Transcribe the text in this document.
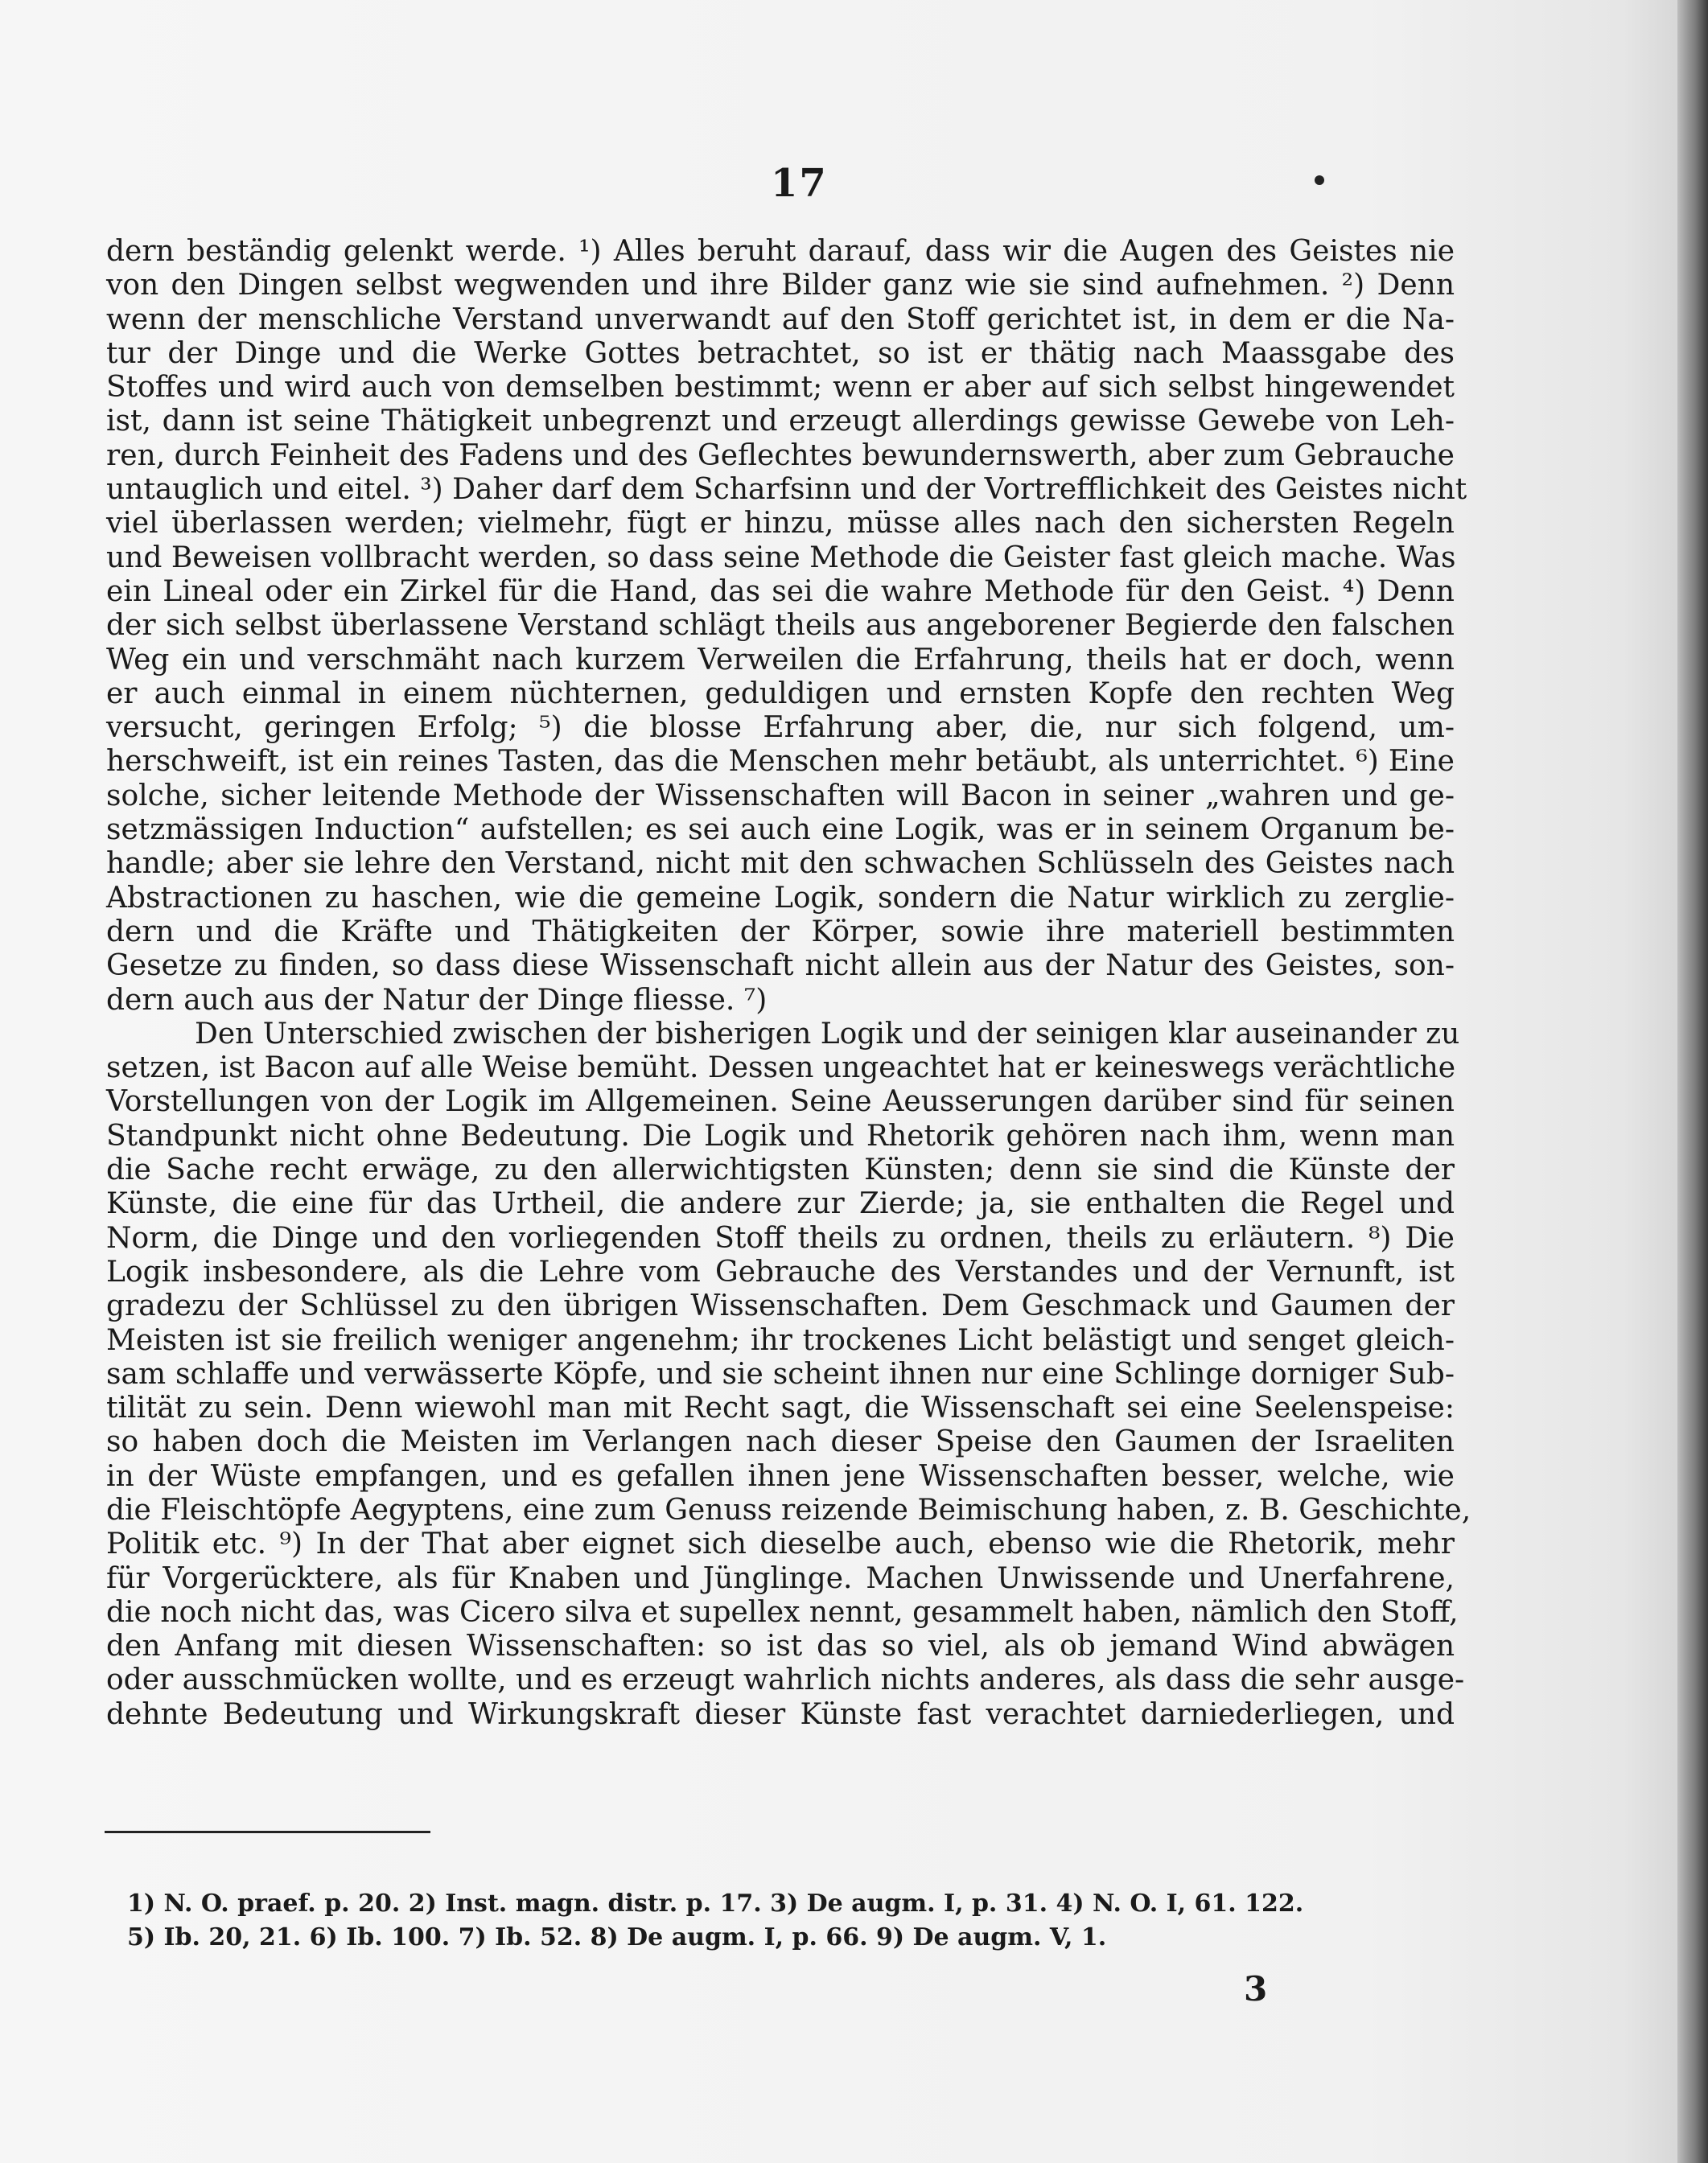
17
dern beständig gelenkt werde. ¹) Alles beruht darauf, dass wir die Augen des Geistes nie
von den Dingen selbst wegwenden und ihre Bilder ganz wie sie sind aufnehmen. ²) Denn
wenn der menschliche Verstand unverwandt auf den Stoff gerichtet ist, in dem er die Na-
tur der Dinge und die Werke Gottes betrachtet, so ist er thätig nach Maassgabe des
Stoffes und wird auch von demselben bestimmt; wenn er aber auf sich selbst hingewendet
ist, dann ist seine Thätigkeit unbegrenzt und erzeugt allerdings gewisse Gewebe von Leh-
ren, durch Feinheit des Fadens und des Geflechtes bewundernswerth, aber zum Gebrauche
untauglich und eitel. ³) Daher darf dem Scharfsinn und der Vortrefflichkeit des Geistes nicht
viel überlassen werden; vielmehr, fügt er hinzu, müsse alles nach den sichersten Regeln
und Beweisen vollbracht werden, so dass seine Methode die Geister fast gleich mache. Was
ein Lineal oder ein Zirkel für die Hand, das sei die wahre Methode für den Geist. ⁴) Denn
der sich selbst überlassene Verstand schlägt theils aus angeborener Begierde den falschen
Weg ein und verschmäht nach kurzem Verweilen die Erfahrung, theils hat er doch, wenn
er auch einmal in einem nüchternen, geduldigen und ernsten Kopfe den rechten Weg
versucht, geringen Erfolg; ⁵) die blosse Erfahrung aber, die, nur sich folgend, um-
herschweift, ist ein reines Tasten, das die Menschen mehr betäubt, als unterrichtet. ⁶) Eine
solche, sicher leitende Methode der Wissenschaften will Bacon in seiner „wahren und ge-
setzmässigen Induction“ aufstellen; es sei auch eine Logik, was er in seinem Organum be-
handle; aber sie lehre den Verstand, nicht mit den schwachen Schlüsseln des Geistes nach
Abstractionen zu haschen, wie die gemeine Logik, sondern die Natur wirklich zu zerglie-
dern und die Kräfte und Thätigkeiten der Körper, sowie ihre materiell bestimmten
Gesetze zu finden, so dass diese Wissenschaft nicht allein aus der Natur des Geistes, son-
dern auch aus der Natur der Dinge fliesse. ⁷)
Den Unterschied zwischen der bisherigen Logik und der seinigen klar auseinander zu
setzen, ist Bacon auf alle Weise bemüht. Dessen ungeachtet hat er keineswegs verächtliche
Vorstellungen von der Logik im Allgemeinen. Seine Aeusserungen darüber sind für seinen
Standpunkt nicht ohne Bedeutung. Die Logik und Rhetorik gehören nach ihm, wenn man
die Sache recht erwäge, zu den allerwichtigsten Künsten; denn sie sind die Künste der
Künste, die eine für das Urtheil, die andere zur Zierde; ja, sie enthalten die Regel und
Norm, die Dinge und den vorliegenden Stoff theils zu ordnen, theils zu erläutern. ⁸) Die
Logik insbesondere, als die Lehre vom Gebrauche des Verstandes und der Vernunft, ist
gradezu der Schlüssel zu den übrigen Wissenschaften. Dem Geschmack und Gaumen der
Meisten ist sie freilich weniger angenehm; ihr trockenes Licht belästigt und senget gleich-
sam schlaffe und verwässerte Köpfe, und sie scheint ihnen nur eine Schlinge dorniger Sub-
tilität zu sein. Denn wiewohl man mit Recht sagt, die Wissenschaft sei eine Seelenspeise:
so haben doch die Meisten im Verlangen nach dieser Speise den Gaumen der Israeliten
in der Wüste empfangen, und es gefallen ihnen jene Wissenschaften besser, welche, wie
die Fleischtöpfe Aegyptens, eine zum Genuss reizende Beimischung haben, z. B. Geschichte,
Politik etc. ⁹) In der That aber eignet sich dieselbe auch, ebenso wie die Rhetorik, mehr
für Vorgerücktere, als für Knaben und Jünglinge. Machen Unwissende und Unerfahrene,
die noch nicht das, was Cicero silva et supellex nennt, gesammelt haben, nämlich den Stoff,
den Anfang mit diesen Wissenschaften: so ist das so viel, als ob jemand Wind abwägen
oder ausschmücken wollte, und es erzeugt wahrlich nichts anderes, als dass die sehr ausge-
dehnte Bedeutung und Wirkungskraft dieser Künste fast verachtet darniederliegen, und
1) N. O. praef. p. 20. 2) Inst. magn. distr. p. 17. 3) De augm. I, p. 31. 4) N. O. I, 61. 122.
5) Ib. 20, 21. 6) Ib. 100. 7) Ib. 52. 8) De augm. I, p. 66. 9) De augm. V, 1.
3
